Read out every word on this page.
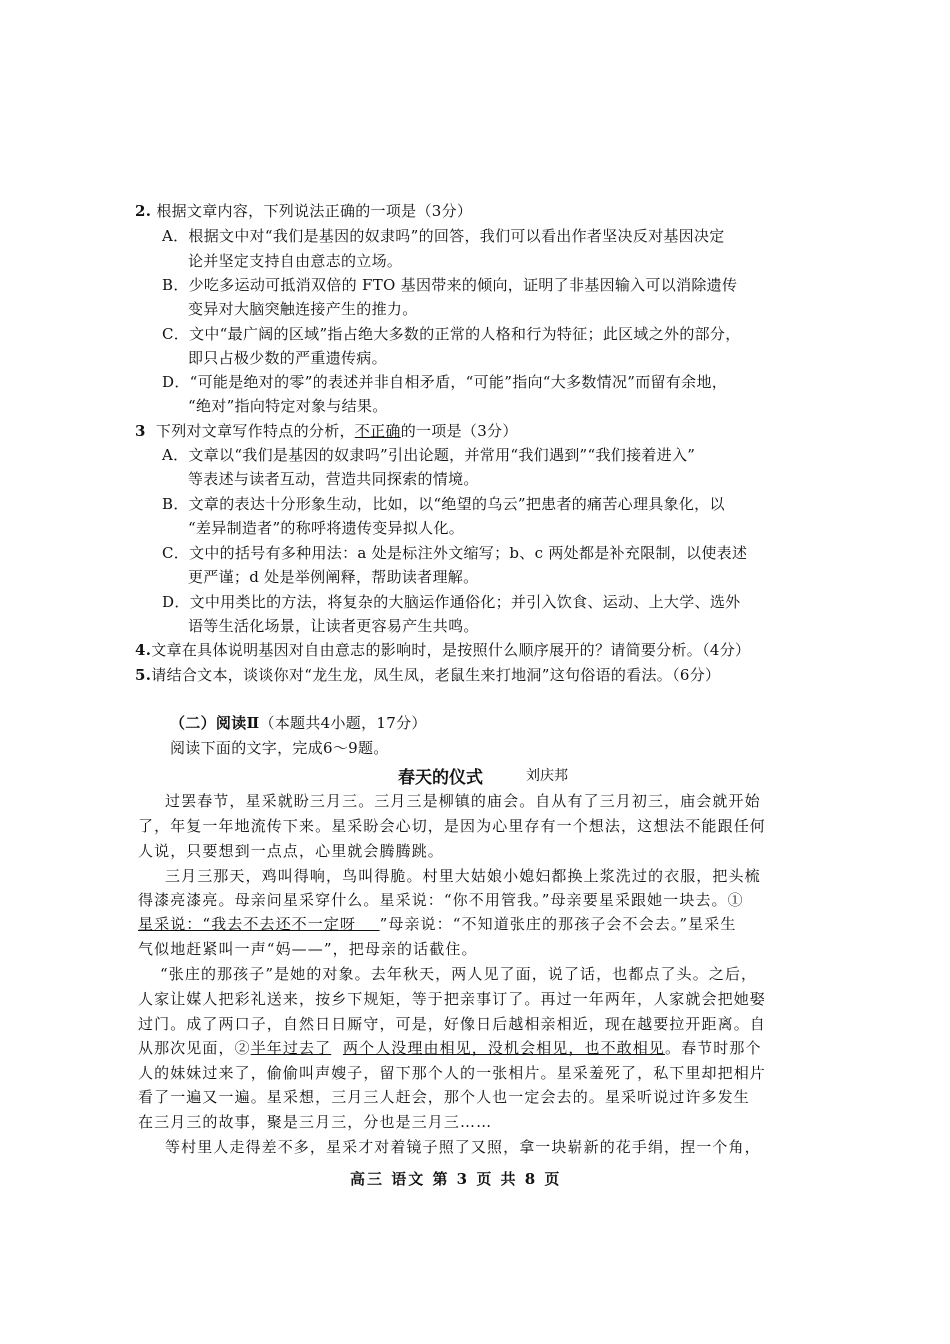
2. 根据文章内容，下列说法正确的一项是（3分）
A．根据文中对“我们是基因的奴隶吗”的回答，我们可以看出作者坚决反对基因决定
论并坚定支持自由意志的立场。
B．少吃多运动可抵消双倍的 FTO 基因带来的倾向，证明了非基因输入可以消除遗传
变异对大脑突触连接产生的推力。
C．文中“最广阔的区域”指占绝大多数的正常的人格和行为特征；此区域之外的部分，
即只占极少数的严重遗传病。
D．“可能是绝对的零”的表述并非自相矛盾，“可能”指向“大多数情况”而留有余地，
“绝对”指向特定对象与结果。
3 下列对文章写作特点的分析，不正确的一项是（3分）
A．文章以“我们是基因的奴隶吗”引出论题，并常用“我们遇到”“我们接着进入”
等表述与读者互动，营造共同探索的情境。
B．文章的表达十分形象生动，比如，以“绝望的乌云”把患者的痛苦心理具象化，以
“差异制造者”的称呼将遗传变异拟人化。
C．文中的括号有多种用法：a 处是标注外文缩写；b、c 两处都是补充限制，以使表述
更严谨；d 处是举例阐释，帮助读者理解。
D．文中用类比的方法，将复杂的大脑运作通俗化；并引入饮食、运动、上大学、选外
语等生活化场景，让读者更容易产生共鸣。
4.文章在具体说明基因对自由意志的影响时，是按照什么顺序展开的？请简要分析。（4分）
5.请结合文本，谈谈你对“龙生龙，凤生凤，老鼠生来打地洞”这句俗语的看法。（6分）
（二）阅读Ⅱ（本题共4小题，17分）
阅读下面的文字，完成6～9题。
春天的仪式	刘庆邦
过罢春节，星采就盼三月三。三月三是柳镇的庙会。自从有了三月初三，庙会就开始
了，年复一年地流传下来。星采盼会心切，是因为心里存有一个想法，这想法不能跟任何
人说，只要想到一点点，心里就会腾腾跳。
三月三那天，鸡叫得响，鸟叫得脆。村里大姑娘小媳妇都换上浆洗过的衣服，把头梳
得漆亮漆亮。母亲问星采穿什么。星采说：“你不用管我。”母亲要星采跟她一块去。①
星采说：“我去不去还不一定呀 ”母亲说：“不知道张庄的那孩子会不会去。”星采生
气似地赶紧叫一声“妈——”，把母亲的话截住。
“张庄的那孩子”是她的对象。去年秋天，两人见了面，说了话，也都点了头。之后，
人家让媒人把彩礼送来，按乡下规矩，等于把亲事订了。再过一年两年，人家就会把她娶
过门。成了两口子，自然日日厮守，可是，好像日后越相亲相近，现在越要拉开距离。自
从那次见面，②半年过去了 两个人没理由相见，没机会相见，也不敢相见。春节时那个
人的妹妹过来了，偷偷叫声嫂子，留下那个人的一张相片。星采羞死了，私下里却把相片
看了一遍又一遍。星采想，三月三人赶会，那个人也一定会去的。星采听说过许多发生
在三月三的故事，聚是三月三，分也是三月三……
等村里人走得差不多，星采才对着镜子照了又照，拿一块崭新的花手绢，捏一个角，
高三 语文 第 3 页 共 8 页
